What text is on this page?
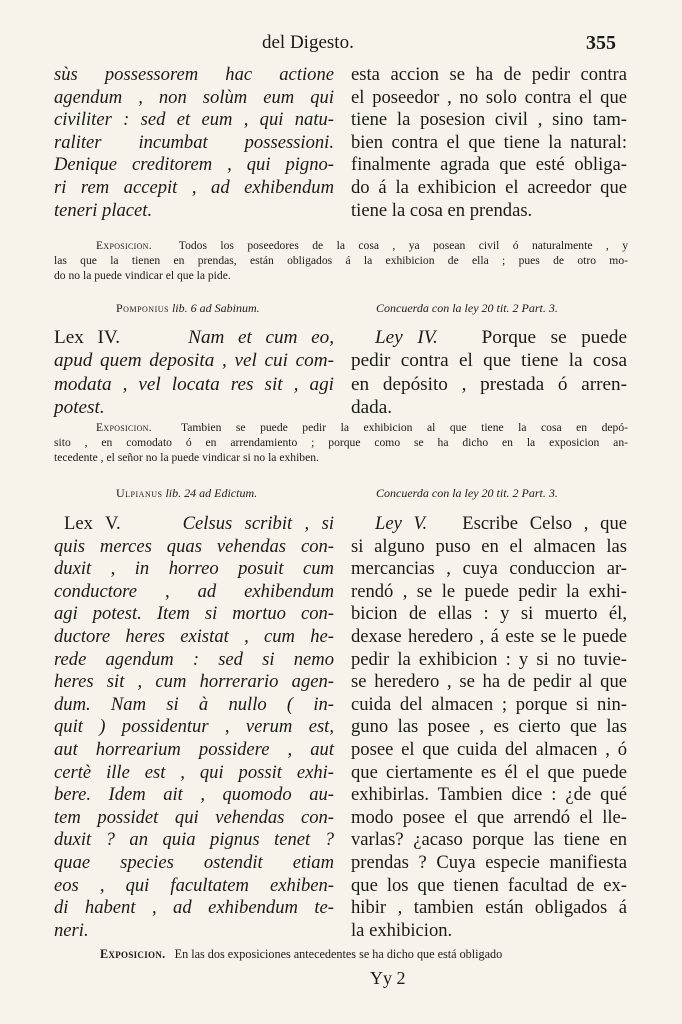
del Digesto.	355
sùs possessorem hac actione
agendum , non solùm eum qui
civiliter : sed et eum , qui natu-
raliter incumbat possessioni.
Denique creditorem , qui pigno-
ri rem accepit , ad exhibendum
teneri placet.
esta accion se ha de pedir contra
el poseedor , no solo contra el que
tiene la posesion civil , sino tam-
bien contra el que tiene la natural:
finalmente agrada que esté obliga-
do á la exhibicion el acreedor que
tiene la cosa en prendas.
Exposicion. Todos los poseedores de la cosa , ya posean civil ó naturalmente , y
las que la tienen en prendas, están obligados á la exhibicion de ella ; pues de otro mo-
do no la puede vindicar el que la pide.
Pomponius lib. 6 ad Sabinum.	Concuerda con la ley 20 tit. 2 Part. 3.
Lex IV.	Nam et cum eo,
apud quem deposita , vel cui com-
modata , vel locata res sit , agi
potest.
Ley IV. Porque se puede
pedir contra el que tiene la cosa
en depósito , prestada ó arren-
dada.
Exposicion.	Tambien se puede pedir la exhibicion al que tiene la cosa en depó-
sito , en comodato ó en arrendamiento ; porque como se ha dicho en la exposicion an-
tecedente , el señor no la puede vindicar si no la exhiben.
Ulpianus lib. 24 ad Edictum.	Concuerda con la ley 20 tit. 2 Part. 3.
Lex V.	Celsus scribit , si
quis merces quas vehendas con-
duxit , in horreo posuit cum
conductore , ad exhibendum
agi potest. Item si mortuo con-
ductore heres existat , cum he-
rede agendum : sed si nemo
heres sit , cum horrerario agen-
dum. Nam si à nullo ( in-
quit ) possidentur , verum est,
aut horrearium possidere , aut
certè ille est , qui possit exhi-
bere. Idem ait , quomodo au-
tem possidet qui vehendas con-
duxit ? an quia pignus tenet ?
quae species ostendit etiam
eos , qui facultatem exhiben-
di habent , ad exhibendum te-
neri.
Ley V. Escribe Celso , que
si alguno puso en el almacen las
mercancias , cuya conduccion ar-
rendó , se le puede pedir la exhi-
bicion de ellas : y si muerto él,
dexase heredero , á este se le puede
pedir la exhibicion : y si no tuvie-
se heredero , se ha de pedir al que
cuida del almacen ; porque si nin-
guno las posee , es cierto que las
posee el que cuida del almacen , ó
que ciertamente es él el que puede
exhibirlas. Tambien dice : ¿de qué
modo posee el que arrendó el lle-
varlas? ¿acaso porque las tiene en
prendas ? Cuya especie manifiesta
que los que tienen facultad de ex-
hibir , tambien están obligados á
la exhibicion.
Exposicion. En las dos exposiciones antecedentes se ha dicho que está obligado
Yy 2
